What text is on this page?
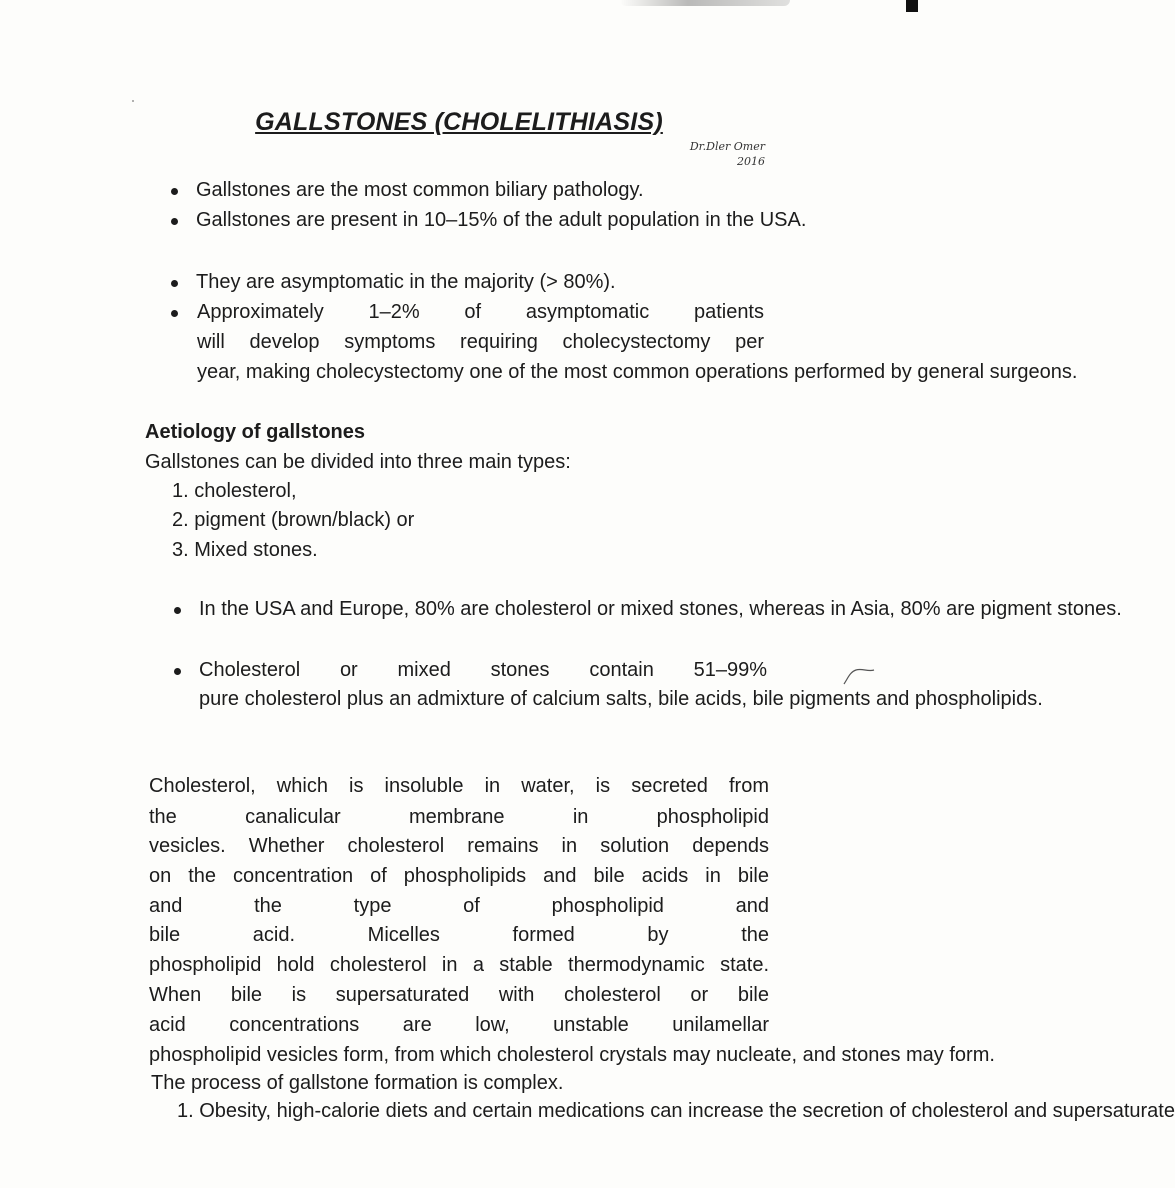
GALLSTONES (CHOLELITHIASIS)
Dr.Dler Omer
2016
Gallstones are the most common biliary pathology.
Gallstones are present in 10–15% of the adult population in the USA.
They are asymptomatic in the majority (> 80%).
Approximately 1–2% of asymptomatic patients
will develop symptoms requiring cholecystectomy per
year, making cholecystectomy one of the most common operations performed by general surgeons.
Aetiology of gallstones
Gallstones can be divided into three main types:
1. cholesterol,
2. pigment (brown/black) or
3. Mixed stones.
In the USA and Europe, 80% are cholesterol or mixed stones, whereas in Asia, 80% are pigment stones.
Cholesterol or mixed stones contain 51–99%
pure cholesterol plus an admixture of calcium salts, bile acids, bile pigments and phospholipids.
Cholesterol, which is insoluble in water, is secreted from
the canalicular membrane in phospholipid
vesicles. Whether cholesterol remains in solution depends
on the concentration of phospholipids and bile acids in bile
and the type of phospholipid and
bile acid. Micelles formed by the
phospholipid hold cholesterol in a stable thermodynamic state.
When bile is supersaturated with cholesterol or bile
acid concentrations are low, unstable unilamellar
phospholipid vesicles form, from which cholesterol crystals may nucleate, and stones may form.
The process of gallstone formation is complex.
1. Obesity, high-calorie diets and certain medications can increase the secretion of cholesterol and supersaturate
